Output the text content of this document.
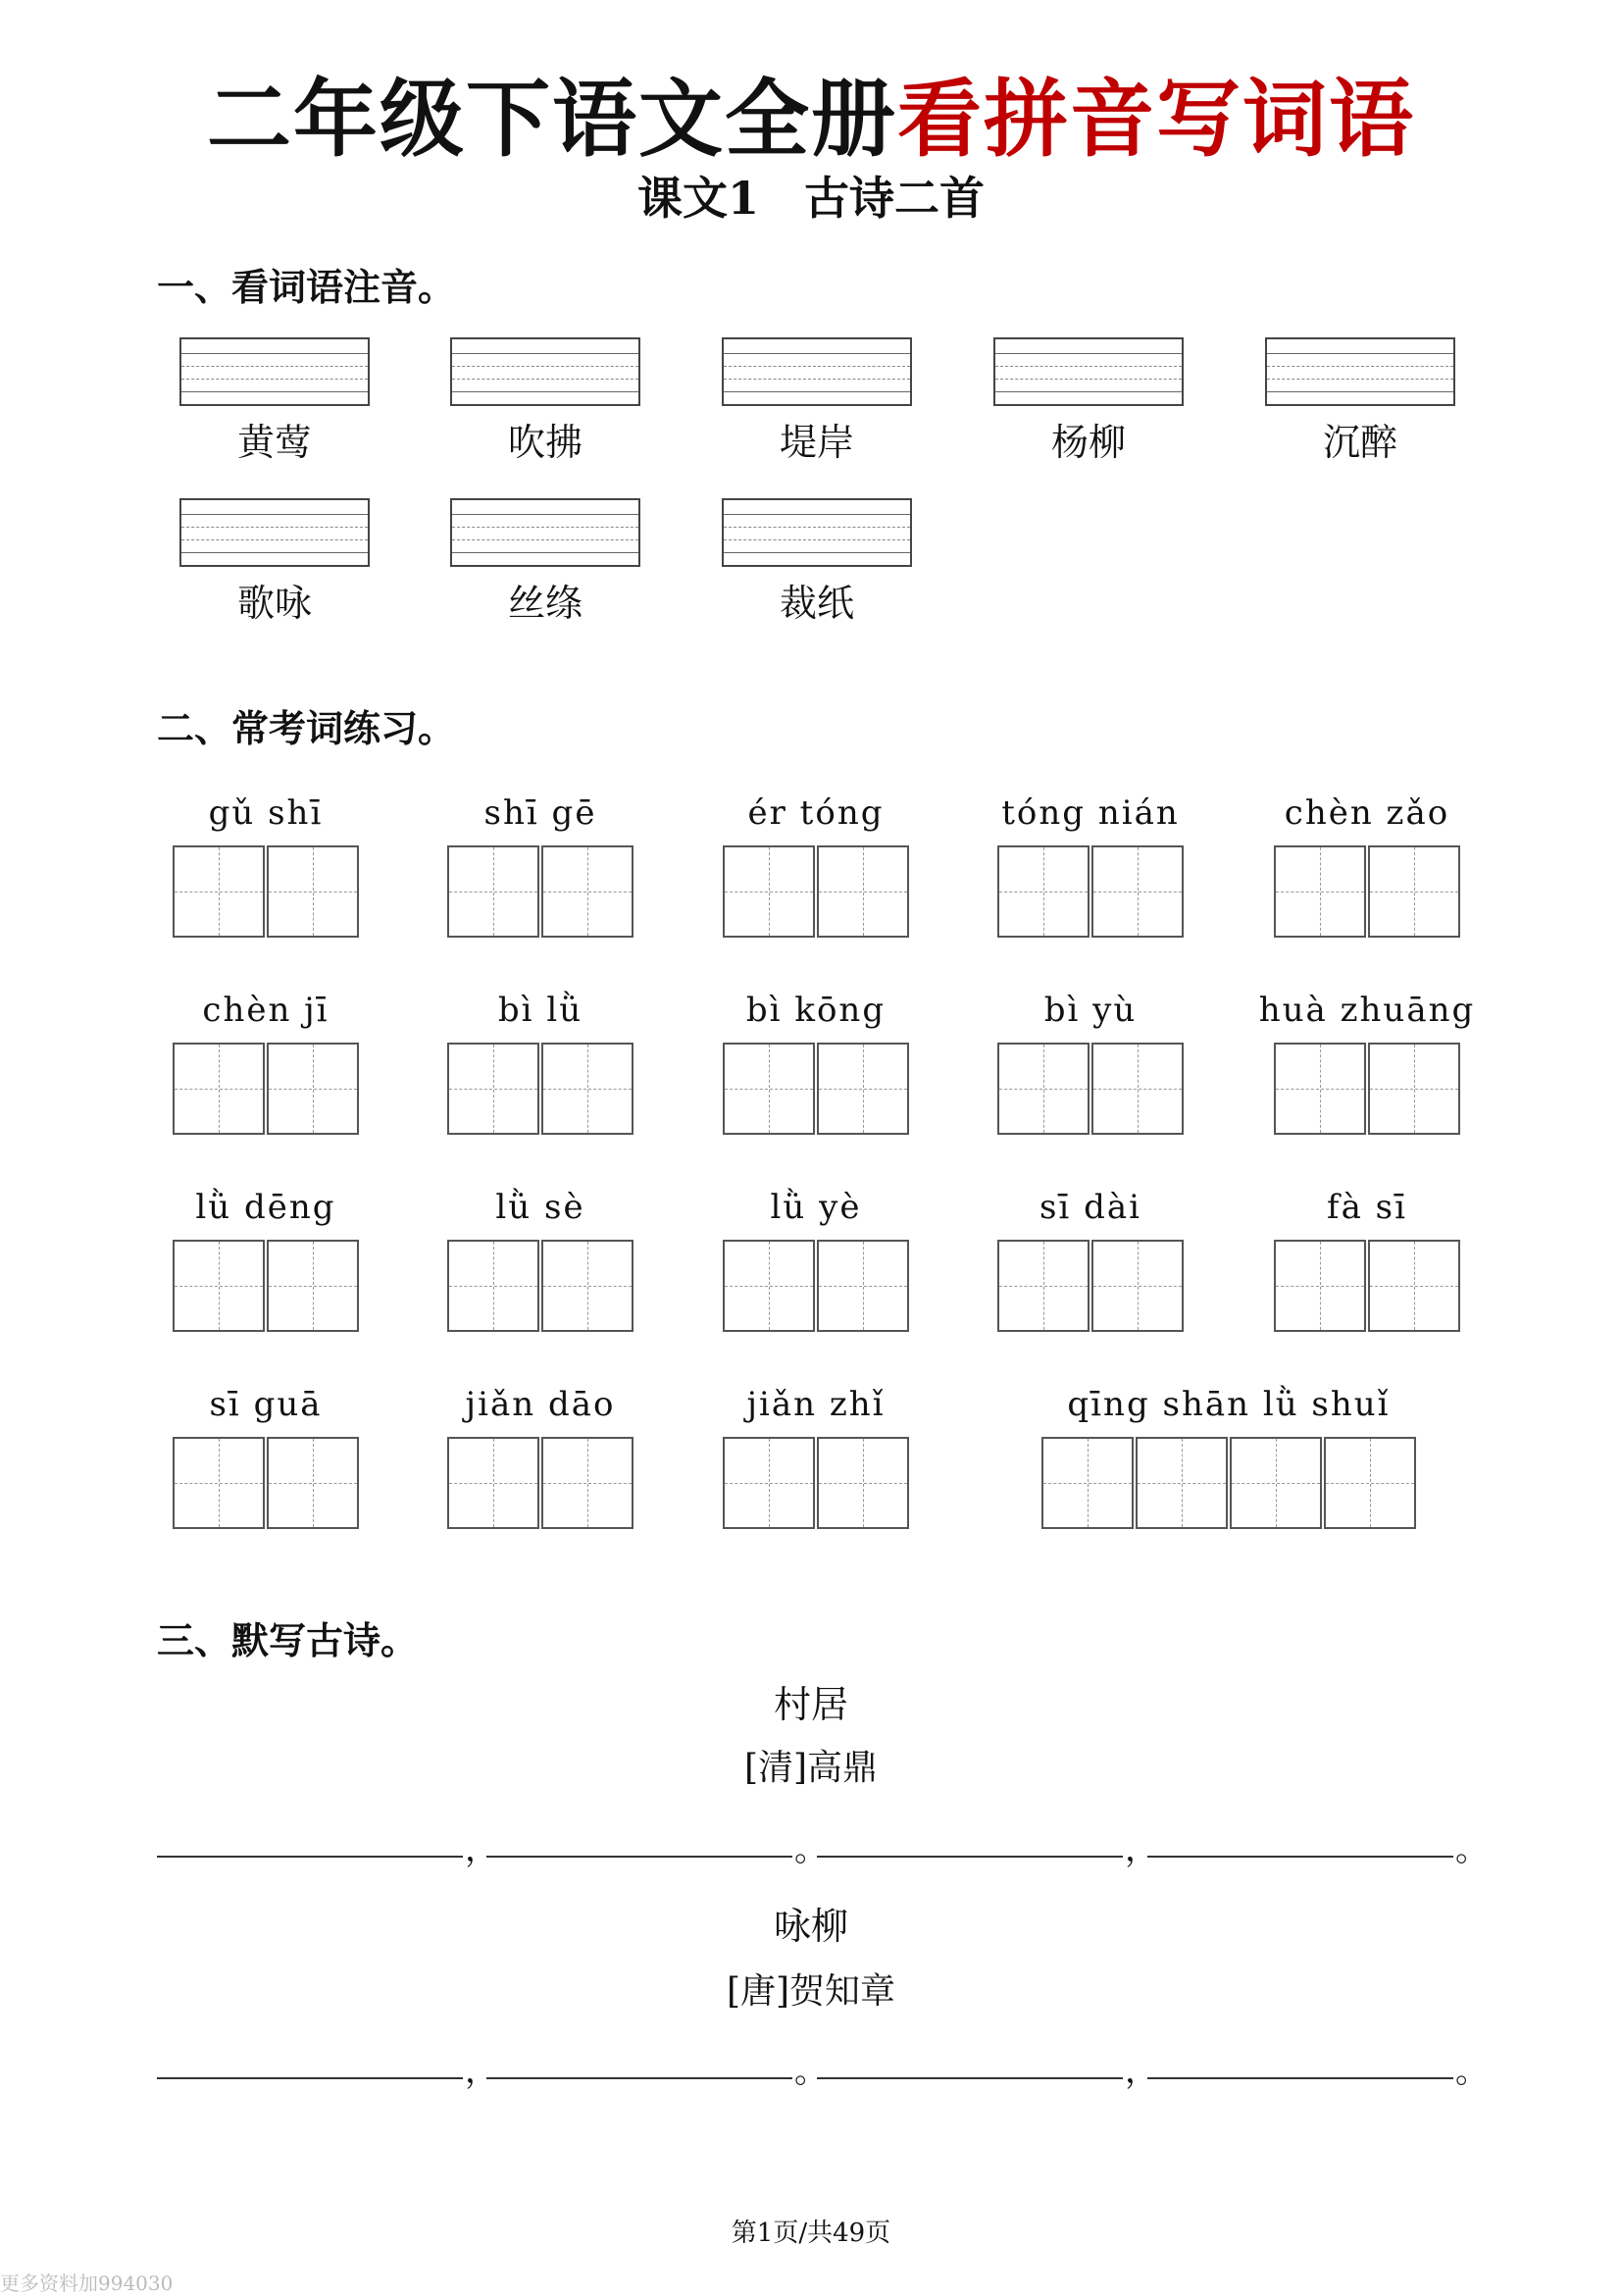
二年级下语文全册看拼音写词语
课文1 古诗二首
一、看词语注音。
黄莺	吹拂	堤岸	杨柳	沉醉
歌咏	丝绦	裁纸
二、常考词练习。
gǔ shī	shī gē	ér tóng	tóng nián	chèn zǎo
chèn jī	bì lǜ	bì kōng	bì yù	huà zhuāng
lǜ dēng	lǜ sè	lǜ yè	sī dài	fà sī
sī guā	jiǎn dāo	jiǎn zhǐ	qīng shān lǜ shuǐ
三、默写古诗。
村居
[清]高鼎
，	。	，	。
咏柳
[唐]贺知章
，	。	，	。
第1页/共49页
更多资料加994030
